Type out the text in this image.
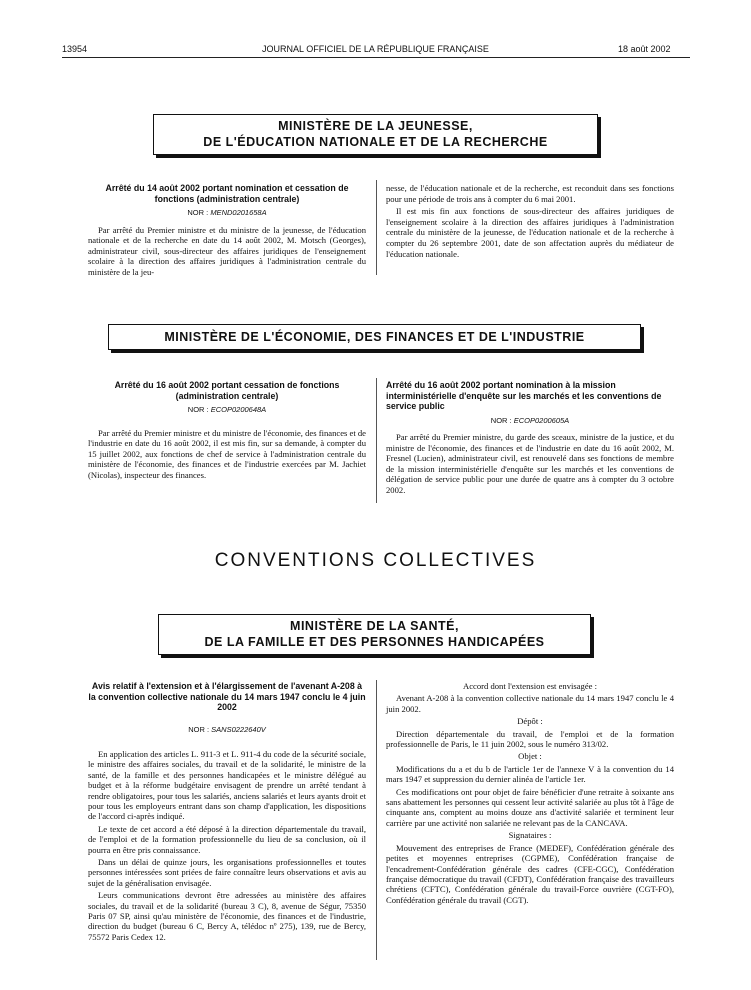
13954	JOURNAL OFFICIEL DE LA RÉPUBLIQUE FRANÇAISE	18 août 2002
MINISTÈRE DE LA JEUNESSE,
DE L'ÉDUCATION NATIONALE ET DE LA RECHERCHE

Arrêté du 14 août 2002 portant nomination et cessation de fonctions (administration centrale)

NOR : MEND0201658A

Par arrêté du Premier ministre et du ministre de la jeunesse, de l'éducation nationale et de la recherche en date du 14 août 2002, M. Motsch (Georges), administrateur civil, sous-directeur des affaires juridiques de l'enseignement scolaire à la direction des affaires juridiques à l'administration centrale du ministère de la jeu-

nesse, de l'éducation nationale et de la recherche, est reconduit dans ses fonctions pour une période de trois ans à compter du 6 mai 2001.

Il est mis fin aux fonctions de sous-directeur des affaires juridiques de l'enseignement scolaire à la direction des affaires juridiques à l'administration centrale du ministère de la jeunesse, de l'éducation nationale et de la recherche à compter du 26 septembre 2001, date de son affectation auprès du médiateur de l'éducation nationale.

MINISTÈRE DE L'ÉCONOMIE, DES FINANCES ET DE L'INDUSTRIE

Arrêté du 16 août 2002 portant cessation de fonctions (administration centrale)

NOR : ECOP0200648A

Par arrêté du Premier ministre et du ministre de l'économie, des finances et de l'industrie en date du 16 août 2002, il est mis fin, sur sa demande, à compter du 15 juillet 2002, aux fonctions de chef de service à l'administration centrale du ministère de l'économie, des finances et de l'industrie exercées par M. Jachiet (Nicolas), inspecteur des finances.

Arrêté du 16 août 2002 portant nomination à la mission interministérielle d'enquête sur les marchés et les conventions de service public

NOR : ECOP0200605A

Par arrêté du Premier ministre, du garde des sceaux, ministre de la justice, et du ministre de l'économie, des finances et de l'industrie en date du 16 août 2002, M. Fresnel (Lucien), administrateur civil, est renouvelé dans ses fonctions de membre de la mission interministérielle d'enquête sur les marchés et les conventions de délégation de service public pour une durée de quatre ans à compter du 3 octobre 2002.

CONVENTIONS COLLECTIVES
MINISTÈRE DE LA SANTÉ,
DE LA FAMILLE ET DES PERSONNES HANDICAPÉES

Avis relatif à l'extension et à l'élargissement de l'avenant A-208 à la convention collective nationale du 14 mars 1947 conclu le 4 juin 2002

NOR : SANS0222640V

En application des articles L. 911-3 et L. 911-4 du code de la sécurité sociale, le ministre des affaires sociales, du travail et de la solidarité, le ministre de la santé, de la famille et des personnes handicapées et le ministre délégué au budget et à la réforme budgétaire envisagent de prendre un arrêté tendant à rendre obligatoires, pour tous les salariés, anciens salariés et leurs ayants droit et pour tous les employeurs entrant dans son champ d'application, les dispositions de l'accord ci-après indiqué.

Le texte de cet accord a été déposé à la direction départementale du travail, de l'emploi et de la formation professionnelle du lieu de sa conclusion, où il pourra en être pris connaissance.

Dans un délai de quinze jours, les organisations professionnelles et toutes personnes intéressées sont priées de faire connaître leurs observations et avis au sujet de la généralisation envisagée.

Leurs communications devront être adressées au ministère des affaires sociales, du travail et de la solidarité (bureau 3 C), 8, avenue de Ségur, 75350 Paris 07 SP, ainsi qu'au ministère de l'économie, des finances et de l'industrie, direction du budget (bureau 6 C, Bercy A, télédoc nº 275), 139, rue de Bercy, 75572 Paris Cedex 12.

Accord dont l'extension est envisagée :

Avenant A-208 à la convention collective nationale du 14 mars 1947 conclu le 4 juin 2002.

Dépôt :

Direction départementale du travail, de l'emploi et de la formation professionnelle de Paris, le 11 juin 2002, sous le numéro 313/02.

Objet :

Modifications du a et du b de l'article 1er de l'annexe V à la convention du 14 mars 1947 et suppression du dernier alinéa de l'article 1er.

Ces modifications ont pour objet de faire bénéficier d'une retraite à soixante ans sans abattement les personnes qui cessent leur activité salariée au plus tôt à l'âge de cinquante ans, comptent au moins douze ans d'activité salariée et terminent leur carrière par une activité non salariée ne relevant pas de la CANCAVA.

Signataires :

Mouvement des entreprises de France (MEDEF), Confédération générale des petites et moyennes entreprises (CGPME), Confédération française de l'encadrement-Confédération générale des cadres (CFE-CGC), Confédération française démocratique du travail (CFDT), Confédération française des travailleurs chrétiens (CFTC), Confédération générale du travail-Force ouvrière (CGT-FO), Confédération générale du travail (CGT).
